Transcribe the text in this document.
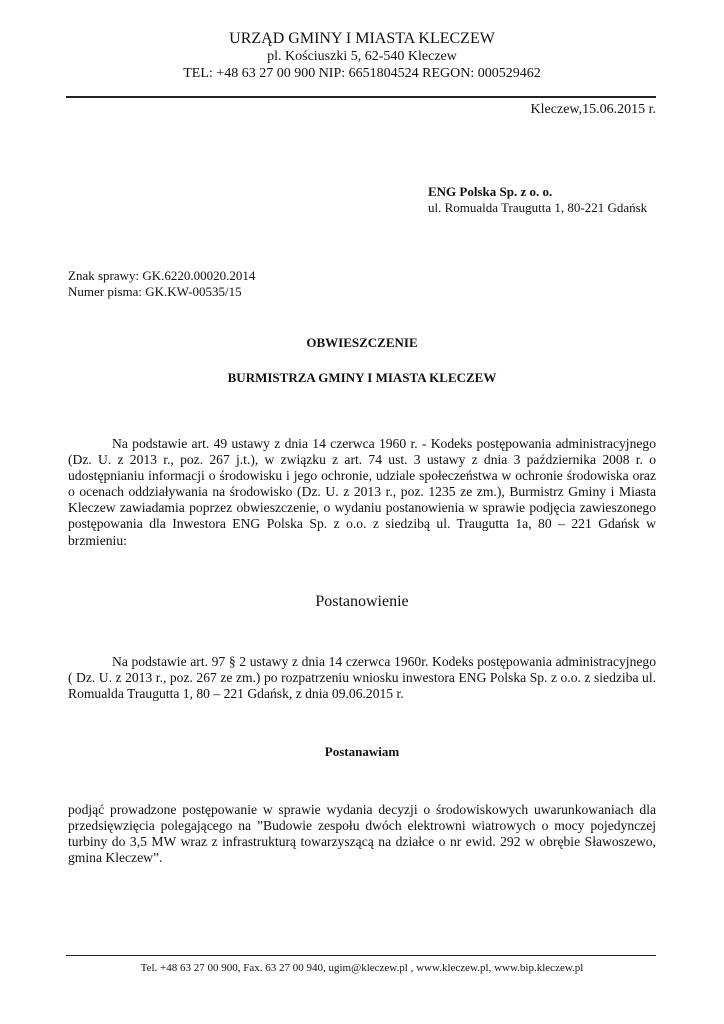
URZĄD GMINY I MIASTA KLECZEW
pl. Kościuszki 5, 62-540 Kleczew
TEL: +48 63 27 00 900 NIP: 6651804524 REGON: 000529462
Kleczew,15.06.2015 r.
ENG Polska Sp. z o. o.
ul. Romualda Traugutta 1, 80-221 Gdańsk
Znak sprawy: GK.6220.00020.2014
Numer pisma: GK.KW-00535/15
OBWIESZCZENIE
BURMISTRZA GMINY I MIASTA KLECZEW
Na podstawie art. 49 ustawy z dnia 14 czerwca 1960 r. - Kodeks postępowania administracyjnego (Dz. U. z 2013 r., poz. 267 j.t.), w związku z art. 74 ust. 3 ustawy z dnia 3 października 2008 r. o udostępnianiu informacji o środowisku i jego ochronie, udziale społeczeństwa w ochronie środowiska oraz o ocenach oddziaływania na środowisko (Dz. U. z 2013 r., poz. 1235 ze zm.), Burmistrz Gminy i Miasta Kleczew zawiadamia poprzez obwieszczenie, o wydaniu postanowienia w sprawie podjęcia zawieszonego postępowania dla Inwestora ENG Polska Sp. z o.o. z siedzibą ul. Traugutta 1a, 80 – 221 Gdańsk w brzmieniu:
Postanowienie
Na podstawie art. 97 § 2 ustawy z dnia 14 czerwca 1960r. Kodeks postępowania administracyjnego ( Dz. U. z 2013 r., poz. 267 ze zm.) po rozpatrzeniu wniosku inwestora ENG Polska Sp. z o.o. z siedziba ul. Romualda Traugutta 1, 80 – 221 Gdańsk, z dnia 09.06.2015 r.
Postanawiam
podjąć prowadzone postępowanie w sprawie wydania decyzji o środowiskowych uwarunkowaniach dla przedsięwzięcia polegającego na ”Budowie zespołu dwóch elektrowni wiatrowych o mocy pojedynczej turbiny do 3,5 MW wraz z infrastrukturą towarzyszącą na działce o nr ewid. 292 w obrębie Sławoszewo, gmina Kleczew”.
Tel. +48 63 27 00 900, Fax. 63 27 00 940, ugim@kleczew.pl , www.kleczew.pl, www.bip.kleczew.pl
